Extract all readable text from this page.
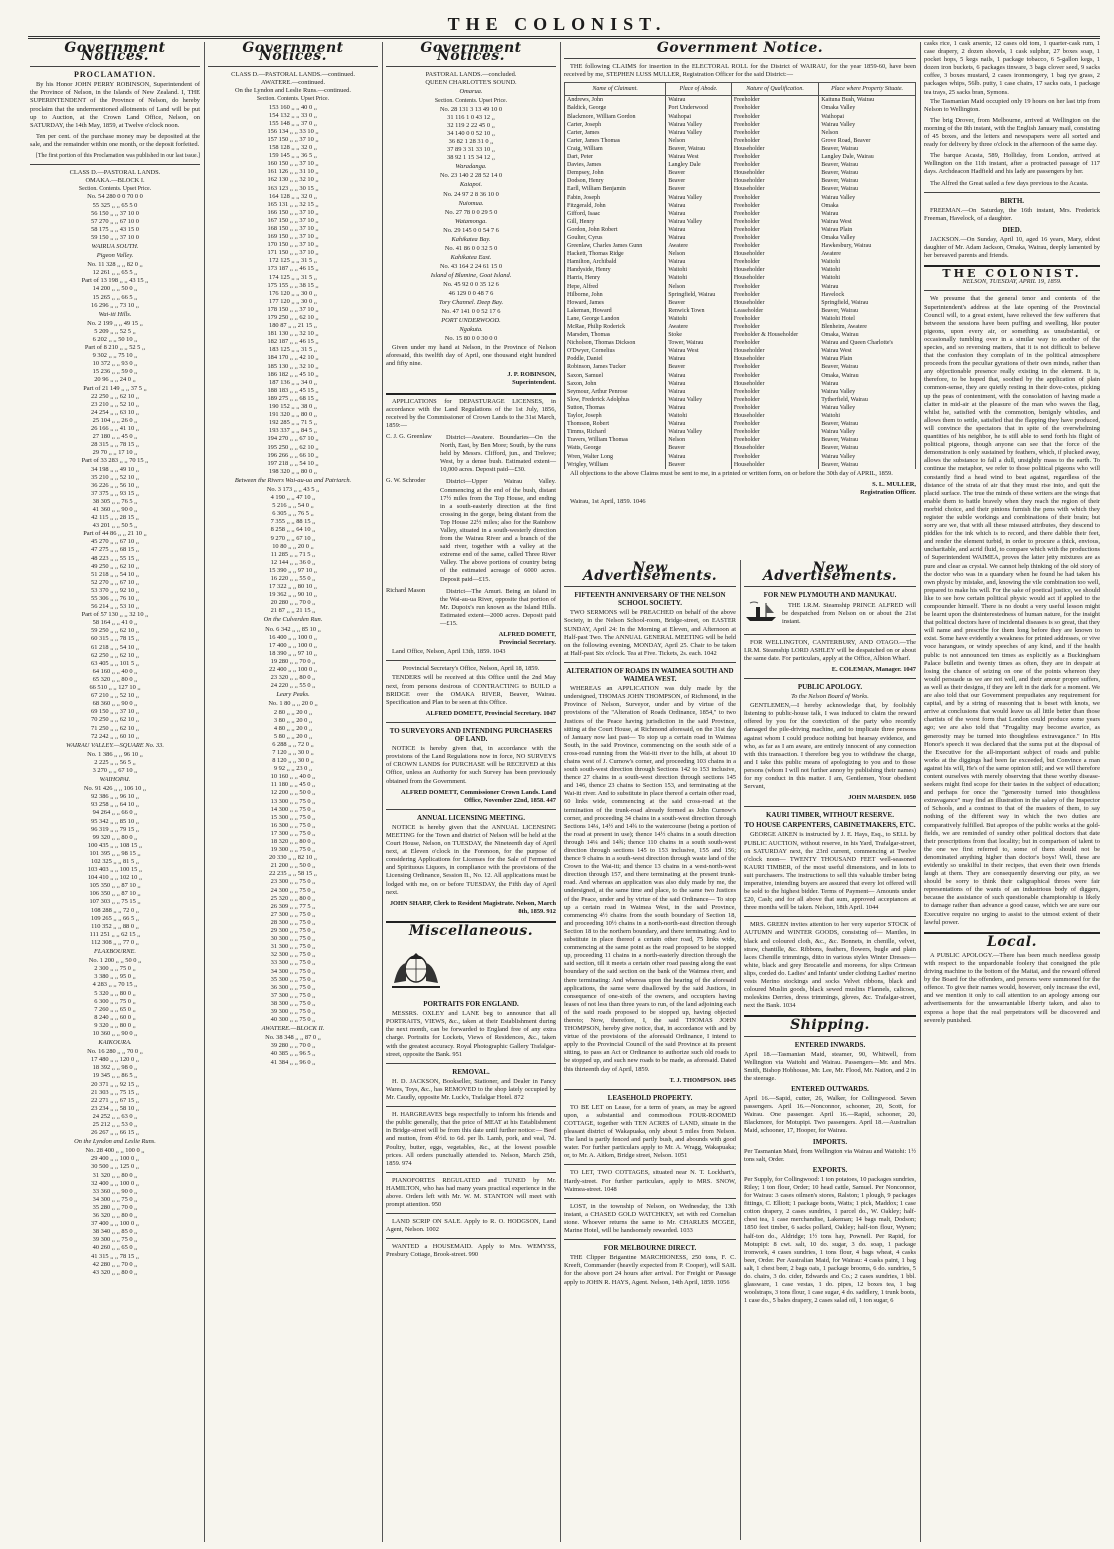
THE COLONIST.
Government Notices.
PROCLAMATION.
By his Honor JOHN PERRY ROBINSON, Superintendent of the Province of Nelson, in the Islands of New Zealand. I, THE SUPERINTENDENT of the Province of Nelson, do hereby proclaim that the undermentioned allotments of Land will be put up to Auction, at the Crown Land Office, Nelson, on SATURDAY, the 14th May, 1859, at Twelve o'clock noon.
Ten per cent. of the purchase money may be deposited at the sale, and the remainder within one month, or the deposit forfeited.
[The first portion of this Proclamation was published in our last issue.]
CLASS D.—PASTORAL LANDS.
OMAKA.—BLOCK I.
Section. Contents. Upset Price.
No. 54 280 0 0 70 0 0
55 325 ,, ,, 65 5 0
56 150 ,, ,, 37 10 0
57 270 ,, ,, 67 10 0
58 175 ,, ,, 43 15 0
59 150 ,, ,, 37 10 0
WAIRUA SOUTH.
Pigeon Valley.
No. 11 328 ,, ,, 82 0 ,,
12 261 ,, ,, 65 5 ,,
Part of 13 198 ,, ,, 43 15 ,,
14 200 ,, ,, 50 0 ,,
15 265 ,, ,, 66 5 ,,
16 296 ,, ,, 73 10 ,,
Wai-iti Hills.
No. 2 199 ,, ,, 49 15 ,,
5 209 ,, ,, 52 5 ,,
6 202 ,, ,, 50 10 ,,
Part of 8 210 ,, ,, 52 5 ,,
9 302 ,, ,, 75 10 ,,
10 372 ,, ,, 93 0 ,,
15 236 ,, ,, 59 0 ,,
20 96 ,, ,, 24 0 ,,
Part of 21 149 ,, ,, 37 5 ,,
22 250 ,, ,, 62 10 ,,
23 210 ,, ,, 52 10 ,,
24 254 ,, ,, 63 10 ,,
25 104 ,, ,, 26 0 ,,
26 166 ,, ,, 41 10 ,,
27 180 ,, ,, 45 0 ,,
28 315 ,, ,, 78 15 ,,
29 70 ,, ,, 17 10 ,,
Part of 33 283 ,, ,, 70 15 ,,
34 198 ,, ,, 49 10 ,,
35 210 ,, ,, 52 10 ,,
36 226 ,, ,, 56 10 ,,
37 375 ,, ,, 93 15 ,,
38 305 ,, ,, 76 5 ,,
41 360 ,, ,, 90 0 ,,
42 115 ,, ,, 28 15 ,,
43 201 ,, ,, 50 5 ,,
Part of 44 86 ,, ,, 21 10 ,,
45 270 ,, ,, 67 10 ,,
47 275 ,, ,, 68 15 ,,
48 223 ,, ,, 55 15 ,,
49 250 ,, ,, 62 10 ,,
51 218 ,, ,, 54 10 ,,
52 270 ,, ,, 67 10 ,,
53 370 ,, ,, 92 10 ,,
55 306 ,, ,, 76 10 ,,
56 214 ,, ,, 53 10 ,,
Part of 57 130 ,, ,, 32 10 ,,
58 164 ,, ,, 41 0 ,,
59 250 ,, ,, 62 10 ,,
60 315 ,, ,, 78 15 ,,
61 218 ,, ,, 54 10 ,,
62 250 ,, ,, 62 10 ,,
63 405 ,, ,, 101 5 ,,
64 160 ,, ,, 40 0 ,,
65 320 ,, ,, 80 0 ,,
66 510 ,, ,, 127 10 ,,
67 210 ,, ,, 52 10 ,,
68 360 ,, ,, 90 0 ,,
69 150 ,, ,, 37 10 ,,
70 250 ,, ,, 62 10 ,,
71 250 ,, ,, 62 10 ,,
72 242 ,, ,, 60 10 ,,
WAIRAU VALLEY.—SQUARE No. 33.
No. 1 386 ,, ,, 96 10 ,,
2 225 ,, ,, 56 5 ,,
3 270 ,, ,, 67 10 ,,
WAIHOPAI.
No. 91 426 ,, ,, 106 10 ,,
92 386 ,, ,, 96 10 ,,
93 258 ,, ,, 64 10 ,,
94 264 ,, ,, 66 0 ,,
95 342 ,, ,, 85 10 ,,
96 319 ,, ,, 79 15 ,,
99 320 ,, ,, 80 0 ,,
100 435 ,, ,, 108 15 ,,
101 395 ,, ,, 98 15 ,,
102 325 ,, ,, 81 5 ,,
103 403 ,, ,, 100 15 ,,
104 410 ,, ,, 102 10 ,,
105 350 ,, ,, 87 10 ,,
106 350 ,, ,, 87 10 ,,
107 303 ,, ,, 75 15 ,,
108 288 ,, ,, 72 0 ,,
109 265 ,, ,, 66 5 ,,
110 352 ,, ,, 88 0 ,,
111 251 ,, ,, 62 15 ,,
112 308 ,, ,, 77 0 ,,
FLAXBOURNE.
No. 1 200 ,, ,, 50 0 ,,
2 300 ,, ,, 75 0 ,,
3 380 ,, ,, 95 0 ,,
4 283 ,, ,, 70 15 ,,
5 320 ,, ,, 80 0 ,,
6 300 ,, ,, 75 0 ,,
7 260 ,, ,, 65 0 ,,
8 240 ,, ,, 60 0 ,,
9 320 ,, ,, 80 0 ,,
10 360 ,, ,, 90 0 ,,
KAIKOURA.
No. 16 280 ,, ,, 70 0 ,,
17 480 ,, ,, 120 0 ,,
18 392 ,, ,, 98 0 ,,
19 345 ,, ,, 86 5 ,,
20 371 ,, ,, 92 15 ,,
21 303 ,, ,, 75 15 ,,
22 271 ,, ,, 67 15 ,,
23 234 ,, ,, 58 10 ,,
24 252 ,, ,, 63 0 ,,
25 212 ,, ,, 53 0 ,,
26 267 ,, ,, 66 15 ,,
On the Lyndon and Leslie Runs.
No. 28 400 ,, ,, 100 0 ,,
29 400 ,, ,, 100 0 ,,
30 500 ,, ,, 125 0 ,,
31 320 ,, ,, 80 0 ,,
32 400 ,, ,, 100 0 ,,
33 360 ,, ,, 90 0 ,,
34 300 ,, ,, 75 0 ,,
35 280 ,, ,, 70 0 ,,
36 320 ,, ,, 80 0 ,,
37 400 ,, ,, 100 0 ,,
38 340 ,, ,, 85 0 ,,
39 300 ,, ,, 75 0 ,,
40 260 ,, ,, 65 0 ,,
41 315 ,, ,, 78 15 ,,
42 280 ,, ,, 70 0 ,,
43 320 ,, ,, 80 0 ,,
Government Notices.
CLASS D.—PASTORAL LANDS.—continued.
AWATERE.—continued.
On the Lyndon and Leslie Runs.—continued.
Section. Contents. Upset Price.
153 160 ,, ,, 40 0 ,,
154 132 ,, ,, 33 0 ,,
155 148 ,, ,, 37 0 ,,
156 134 ,, ,, 33 10 ,,
157 150 ,, ,, 37 10 ,,
158 128 ,, ,, 32 0 ,,
159 145 ,, ,, 36 5 ,,
160 150 ,, ,, 37 10 ,,
161 126 ,, ,, 31 10 ,,
162 130 ,, ,, 32 10 ,,
163 123 ,, ,, 30 15 ,,
164 128 ,, ,, 32 0 ,,
165 131 ,, ,, 32 15 ,,
166 150 ,, ,, 37 10 ,,
167 150 ,, ,, 37 10 ,,
168 150 ,, ,, 37 10 ,,
169 150 ,, ,, 37 10 ,,
170 150 ,, ,, 37 10 ,,
171 150 ,, ,, 37 10 ,,
172 125 ,, ,, 31 5 ,,
173 187 ,, ,, 46 15 ,,
174 125 ,, ,, 31 5 ,,
175 155 ,, ,, 38 15 ,,
176 120 ,, ,, 30 0 ,,
177 120 ,, ,, 30 0 ,,
178 150 ,, ,, 37 10 ,,
179 250 ,, ,, 62 10 ,,
180 87 ,, ,, 21 15 ,,
181 130 ,, ,, 32 10 ,,
182 187 ,, ,, 46 15 ,,
183 125 ,, ,, 31 5 ,,
184 170 ,, ,, 42 10 ,,
185 130 ,, ,, 32 10 ,,
186 182 ,, ,, 45 10 ,,
187 136 ,, ,, 34 0 ,,
188 183 ,, ,, 45 15 ,,
189 275 ,, ,, 68 15 ,,
190 152 ,, ,, 38 0 ,,
191 320 ,, ,, 80 0 ,,
192 285 ,, ,, 71 5 ,,
193 337 ,, ,, 84 5 ,,
194 270 ,, ,, 67 10 ,,
195 250 ,, ,, 62 10 ,,
196 266 ,, ,, 66 10 ,,
197 218 ,, ,, 54 10 ,,
198 320 ,, ,, 80 0 ,,
Between the Rivers Wai-au-ua and Patriarch.
No. 3 173 ,, ,, 43 5 ,,
4 190 ,, ,, 47 10 ,,
5 216 ,, ,, 54 0 ,,
6 305 ,, ,, 76 5 ,,
7 355 ,, ,, 88 15 ,,
8 258 ,, ,, 64 10 ,,
9 270 ,, ,, 67 10 ,,
10 80 ,, ,, 20 0 ,,
11 285 ,, ,, 71 5 ,,
12 144 ,, ,, 36 0 ,,
15 390 ,, ,, 97 10 ,,
16 220 ,, ,, 55 0 ,,
17 322 ,, ,, 80 10 ,,
19 362 ,, ,, 90 10 ,,
20 280 ,, ,, 70 0 ,,
21 87 ,, ,, 21 15 ,,
On the Culverden Run.
No. 6 342 ,, ,, 85 10 ,,
16 400 ,, ,, 100 0 ,,
17 400 ,, ,, 100 0 ,,
18 390 ,, ,, 97 10 ,,
19 280 ,, ,, 70 0 ,,
22 400 ,, ,, 100 0 ,,
23 320 ,, ,, 80 0 ,,
24 220 ,, ,, 55 0 ,,
Leary Peaks.
No. 1 80 ,, ,, 20 0 ,,
2 80 ,, ,, 20 0 ,,
3 80 ,, ,, 20 0 ,,
4 80 ,, ,, 20 0 ,,
5 80 ,, ,, 20 0 ,,
6 288 ,, ,, 72 0 ,,
7 120 ,, ,, 30 0 ,,
8 120 ,, ,, 30 0 ,,
9 92 ,, ,, 23 0 ,,
10 160 ,, ,, 40 0 ,,
11 180 ,, ,, 45 0 ,,
12 200 ,, ,, 50 0 ,,
13 300 ,, ,, 75 0 ,,
14 300 ,, ,, 75 0 ,,
15 300 ,, ,, 75 0 ,,
16 300 ,, ,, 75 0 ,,
17 300 ,, ,, 75 0 ,,
18 320 ,, ,, 80 0 ,,
19 300 ,, ,, 75 0 ,,
20 330 ,, ,, 82 10 ,,
21 200 ,, ,, 50 0 ,,
22 235 ,, ,, 58 15 ,,
23 300 ,, ,, 75 0 ,,
24 300 ,, ,, 75 0 ,,
25 320 ,, ,, 80 0 ,,
26 309 ,, ,, 77 5 ,,
27 300 ,, ,, 75 0 ,,
28 300 ,, ,, 75 0 ,,
29 300 ,, ,, 75 0 ,,
30 300 ,, ,, 75 0 ,,
31 300 ,, ,, 75 0 ,,
32 300 ,, ,, 75 0 ,,
33 300 ,, ,, 75 0 ,,
34 300 ,, ,, 75 0 ,,
35 300 ,, ,, 75 0 ,,
36 300 ,, ,, 75 0 ,,
37 300 ,, ,, 75 0 ,,
38 300 ,, ,, 75 0 ,,
39 300 ,, ,, 75 0 ,,
40 300 ,, ,, 75 0 ,,
AWATERE.—BLOCK II.
No. 38 348 ,, ,, 87 0 ,,
39 280 ,, ,, 70 0 ,,
40 385 ,, ,, 96 5 ,,
41 384 ,, ,, 96 0 ,,
Government Notices.
PASTORAL LANDS.—concluded.
QUEEN CHARLOTTE'S SOUND.
Omarua.
Section. Contents. Upset Price.
No. 28 131 3 13 49 10 0
31 116 1 0 43 12 ,,
32 119 2 22 45 0 ,,
34 140 0 0 52 10 ,,
36 82 1 28 31 0 ,,
37 89 3 31 33 10 ,,
38 92 1 15 34 12 ,,
Waradanga.
No. 23 140 2 28 52 14 0
Kaiapoi.
No. 24 97 2 8 36 10 0
Nuiomua.
No. 27 78 0 0 29 5 0
Watamonga.
No. 29 145 0 0 54 7 6
Kahikatea Bay.
No. 41 86 0 0 32 5 0
Kahikatea East.
No. 43 164 2 24 61 15 0
Island of Blumine, Goat Island.
No. 45 92 0 0 35 12 6
46 129 0 0 48 7 6
Tory Channel. Deep Bay.
No. 47 141 0 0 52 17 6
PORT UNDERWOOD.
Ngakuta.
No. 15 80 0 0 30 0 0
Given under my hand at Nelson, in the Province of Nelson aforesaid, this twelfth day of April, one thousand eight hundred and fifty nine.
J. P. ROBINSON,
Superintendent.
APPLICATIONS for DEPASTURAGE LICENSES, in accordance with the Land Regulations of the 1st July, 1856, received by the Commissioner of Crown Lands to the 31st March, 1859:—
C. J. G. Greenlaw	District—Awatere. Boundaries—On the North, East, by Ben More; South, by the runs held by Messrs. Clifford, jun., and Trelove; West, by a dense bush. Estimated extent—10,000 acres. Deposit paid—£30.
G. W. Schroder	District—Upper Wairau Valley. Commencing at the end of the bush, distant 17½ miles from the Top House, and ending in a south-easterly direction at the first crossing in the gorge, being distant from the Top House 22½ miles; also for the Rainbow Valley, situated in a south-westerly direction from the Wairau River and a branch of the said river, together with a valley at the extreme end of the same, called Three River Valley. The above portions of country being of the estimated acreage of 6000 acres. Deposit paid—£15.
Richard Mason	District—The Amuri. Being an island in the Wai-au-ua River, opposite that portion of Mr. Dupoix's run known as the Island Hills. Estimated extent—2000 acres. Deposit paid—£15.
ALFRED DOMETT,
Provincial Secretary.
Land Office, Nelson, April 13th, 1859. 1043
Provincial Secretary's Office, Nelson, April 18, 1859.
TENDERS will be received at this Office until the 2nd May next, from persons desirous of CONTRACTING to BUILD a BRIDGE over the OMAKA RIVER, Beaver, Wairau. Specification and Plan to be seen at this Office.
ALFRED DOMETT, Provincial Secretary. 1047
TO SURVEYORS AND INTENDING PURCHASERS OF LAND.
NOTICE is hereby given that, in accordance with the provisions of the Land Regulations now in force, NO SURVEYS of CROWN LANDS for PURCHASE will be RECEIVED at this Office, unless an Authority for such Survey has been previously obtained from the Government.
ALFRED DOMETT, Commissioner Crown Lands. Land Office, November 22nd, 1858. 447
ANNUAL LICENSING MEETING.
NOTICE is hereby given that the ANNUAL LICENSING MEETING for the Town and district of Nelson will be held at the Court House, Nelson, on TUESDAY, the Nineteenth day of April next, at Eleven o'clock in the Forenoon, for the purpose of considering Applications for Licenses for the Sale of Fermented and Spirituous Liquors, in compliance with the provisions of the Licensing Ordinance, Session II., No. 12. All applications must be lodged with me, on or before TUESDAY, the Fifth day of April next.
JOHN SHARP, Clerk to Resident Magistrate. Nelson, March 8th, 1859. 912
Miscellaneous.
PORTRAITS FOR ENGLAND.
MESSRS. OXLEY and LANE beg to announce that all PORTRAITS, VIEWS, &c., taken at their Establishment during the next month, can be forwarded to England free of any extra charge. Portraits for Lockets, Views of Residences, &c., taken with the greatest accuracy. Royal Photographic Gallery Trafalgar-street, opposite the Bank. 951
REMOVAL.
H. D. JACKSON, Bookseller, Stationer, and Dealer in Fancy Wares, Toys, &c., has REMOVED to the shop lately occupied by Mr. Caudly, opposite Mr. Luck's, Trafalgar Hotel. 872
H. HARGREAVES begs respectfully to inform his friends and the public generally, that the price of MEAT at his Establishment in Bridge-street will be from this date until further notice:— Beef and mutton, from 4½d. to 6d. per lb. Lamb, pork, and veal, 7d. Poultry, butter, eggs, vegetables, &c., at the lowest possible prices. All orders punctually attended to. Nelson, March 25th, 1859. 974
PIANOFORTES REGULATED and TUNED by Mr. HAMILTON, who has had many years practical experience in the above. Orders left with Mr. W. M. STANTON will meet with prompt attention. 950
LAND SCRIP ON SALE. Apply to R. O. HODGSON, Land Agent, Nelson. 1002
WANTED a HOUSEMAID. Apply to Mrs. WEMYSS, Presbury Cottage, Brook-street. 990
Government Notice.
THE following CLAIMS for insertion in the ELECTORAL ROLL for the District of WAIRAU, for the year 1859-60, have been received by me, STEPHEN LUSS MULLER, Registration Officer for the said District:—
Name of Claimant.	Place of Abode.	Nature of Qualification.	Place where Property Situate.
Andrews, John	Wairau	Freeholder	Kaituna Bush, Wairau
Baldick, George	Port Underwood	Freeholder	Omaka Valley
Blackmore, William Gordon	Waihopai	Freeholder	Waihopai
Carter, Joseph	Wairau Valley	Freeholder	Wairau Valley
Carter, James	Wairau Valley	Freeholder	Nelson
Carter, James Thomas	Nelson	Freeholder	Grove Road, Beaver
Craig, William	Beaver, Wairau	Householder	Beaver, Wairau
Dart, Peter	Wairau West	Freeholder	Langley Dale, Wairau
Davies, James	Langley Dale	Freeholder	Beaver, Wairau
Dempsey, John	Beaver	Householder	Beaver, Wairau
Dodson, Henry	Beaver	Householder	Beaver, Wairau
Earll, William Benjamin	Beaver	Householder	Beaver, Wairau
Fabin, Joseph	Wairau Valley	Freeholder	Wairau Valley
Fitzgerald, John	Wairau	Freeholder	Omaka
Gifford, Isaac	Wairau	Freeholder	Wairau
Gill, Henry	Wairau Valley	Freeholder	Wairau West
Gordon, John Robert	Wairau	Freeholder	Wairau Plain
Goulter, Cyrus	Wairau	Freeholder	Omaka Valley
Greenlaw, Charles James Gunn	Awatere	Freeholder	Hawkesbury, Wairau
Hackett, Thomas Ridge	Nelson	Householder	Awatere
Hamilton, Archibald	Wairau	Freeholder	Waitohi
Handyside, Henry	Waitohi	Householder	Waitohi
Harris, Henry	Waitohi	Householder	Waitohi
Hepe, Alfred	Nelson	Freeholder	Wairau
Hilborne, John	Springfield, Wairau	Freeholder	Havelock
Howard, James	Beaver	Householder	Springfield, Wairau
Lakeman, Howard	Renwick Town	Leaseholder	Beaver, Wairau
Lane, George Landon	Waitohi	Freeholder	Waitohi Hotel
McRae, Philip Roderick	Awatere	Freeholder	Blenheim, Awatere
Marsden, Thomas	Stoke	Freeholder & Householder	Omaka, Wairau
Nicholson, Thomas Dickson	Tower, Wairau	Freeholder	Wairau and Queen Charlotte's
O'Dwyer, Cornelius	Wairau West	Householder	Wairau West
Poddle, Daniel	Wairau	Householder	Wairau Plain
Robinson, James Tucker	Beaver	Freeholder	Beaver, Wairau
Saxon, Samuel	Wairau	Freeholder	Omaka, Wairau
Saxon, John	Wairau	Householder	Wairau
Seymour, Arthur Penrose	Wairau	Freeholder	Wairau Valley
Slow, Frederick Adolphus	Wairau Valley	Freeholder	Tytherfield, Wairau
Sutton, Thomas	Wairau	Freeholder	Wairau Valley
Taylor, Joseph	Waitohi	Householder	Waitohi
Thomson, Robert	Wairau	Freeholder	Beaver, Wairau
Timms, Richard	Wairau Valley	Freeholder	Wairau Valley
Travers, William Thomas	Nelson	Freeholder	Beaver, Wairau
Watts, George	Beaver	Householder	Beaver, Wairau
Wren, Walter Long	Wairau	Freeholder	Wairau Valley
Wrigley, William	Beaver	Householder	Beaver, Wairau
All objections to the above Claims must be sent to me, in a printed or written form, on or before the 30th day of APRIL, 1859.
S. L. MULLER,
Registration Officer.
Wairau, 1st April, 1859. 1046
New Advertisements.
FIFTEENTH ANNIVERSARY OF THE NELSON SCHOOL SOCIETY.
TWO SERMONS will be PREACHED on behalf of the above Society, in the Nelson School-room, Bridge-street, on EASTER SUNDAY, April 24: In the Morning at Eleven, and Afternoon at Half-past Two. The ANNUAL GENERAL MEETING will be held on the following evening, MONDAY, April 25. Chair to be taken at Half-past Six o'clock. Tea at Five. Tickets, 2s. each. 1042
ALTERATION OF ROADS IN WAIMEA SOUTH AND WAIMEA WEST.
WHEREAS an APPLICATION was duly made by the undersigned, THOMAS JOHN THOMPSON, of Richmond, in the Province of Nelson, Surveyor, under and by virtue of the provisions of the "Alteration of Roads Ordinance, 1854," to two Justices of the Peace having jurisdiction in the said Province, sitting at the Court House, at Richmond aforesaid, on the 31st day of January now last past— To stop up a certain road in Waimea South, in the said Province, commencing on the south side of a cross-road running from the Wai-iti river to the hills, at about 10 chains west of J. Curnow's corner, and proceeding 103 chains in a south south-west direction through Sections 142 to 153 inclusive, thence 27 chains in a south-west direction through sections 145 and 146, thence 23 chains to Section 153, and terminating at the Wai-iti river. And to substitute in place thereof a certain other road, 60 links wide, commencing at the said cross-road at the termination of the trunk-road already formed as John Curnow's corner, and proceeding 34 chains in a south-west direction through Sections 14¼, 14½ and 14¾ to the watercourse (being a portion of the road at present in use); thence 14½ chains in a south direction through 14¼ and 14¾; thence 110 chains in a south south-west direction through sections 145 to 153 inclusive, 155 and 156; thence 9 chains in a south-west direction through waste land of the Crown to the Wai-iti; and thence 13 chains in a west-north-west direction through 157, and there terminating at the present trunk-road. And whereas an application was also duly made by me, the undersigned, at the same time and place, to the same two Justices of the Peace, under and by virtue of the said Ordinance— To stop up a certain road in Waimea West, in the said Province, commencing 4½ chains from the south boundary of Section 18, and proceeding 10½ chains in a north-north-east direction through Section 18 to the northern boundary, and there terminating; And to substitute in place thereof a certain other road, 75 links wide, commencing at the same point as the road proposed to be stopped up, proceeding 11 chains in a north-easterly direction through the said section, till it meets a certain other road passing along the east boundary of the said section on the bank of the Waimea river, and there terminating: And whereas upon the hearing of the aforesaid applications, the same were disallowed by the said Justices, in consequence of one-sixth of the owners, and occupiers having leases of not less than three years to run, of the land adjoining each of the said roads proposed to be stopped up, having objected thereto; Now, therefore, I, the said THOMAS JOHN THOMPSON, hereby give notice, that, in accordance with and by virtue of the provisions of the aforesaid Ordinance, I intend to apply to the Provincial Council of the said Province at its present sitting, to pass an Act or Ordinance to authorize such old roads to be stopped up, and such new roads to be made, as aforesaid. Dated this thirteenth day of April, 1859.
T. J. THOMPSON. 1045
LEASEHOLD PROPERTY.
TO BE LET on Lease, for a term of years, as may be agreed upon, a substantial and commodious FOUR-ROOMED COTTAGE, together with TEN ACRES of LAND, situate in the pleasant district of Wakapuaka, only about 5 miles from Nelson. The land is partly fenced and partly bush, and abounds with good water. For further particulars apply to Mr. A. Wragg, Wakapuaka; or, to Mr. A. Aitken, Bridge street, Nelson. 1051
TO LET, TWO COTTAGES, situated near N. T. Lockhart's, Hardy-street. For further particulars, apply to MRS. SNOW, Waimea-street. 1048
LOST, in the township of Nelson, on Wednesday, the 13th instant, a CHASED GOLD WATCHKEY, set with red Cornelian stone. Whoever returns the same to Mr. CHARLES MCGEE, Marine Hotel, will be handsomely rewarded. 1033
FOR MELBOURNE DIRECT.
THE Clipper Brigantine MARCHIONESS, 250 tons, F. C. Kreeft, Commander (heavily expected from P. Cooper), will SAIL for the above port 24 hours after arrival. For Freight or Passage apply to JOHN R. HAYS, Agent. Nelson, 14th April, 1859. 1056
New Advertisements.
FOR NEW PLYMOUTH AND MANUKAU.
THE I.R.M. Steamship PRINCE ALFRED will be despatched from Nelson on or about the 21st instant.
FOR WELLINGTON, CANTERBURY, AND OTAGO.—The I.R.M. Steamship LORD ASHLEY will be despatched on or about the same date. For particulars, apply at the Office, Albion Wharf.
E. COLEMAN, Manager. 1047
PUBLIC APOLOGY.
To the Nelson Board of Works.
GENTLEMEN,—I hereby acknowledge that, by foolishly listening to public-house talk, I was induced to claim the reward offered by you for the conviction of the party who recently damaged the pile-driving machine, and to implicate three persons against whom I could produce nothing but hearsay evidence, and who, as far as I am aware, are entirely innocent of any connection with this transaction. I therefore beg you to withdraw the charge, and I take this public means of apologizing to you and to those persons (whom I will not further annoy by publishing their names) for my conduct in this matter. I am, Gentlemen, Your obedient Servant,
JOHN MARSDEN. 1050
KAURI TIMBER, WITHOUT RESERVE.
TO HOUSE CARPENTERS, CABINETMAKERS, ETC.
GEORGE AIKEN is instructed by J. E. Hays, Esq., to SELL by PUBLIC AUCTION, without reserve, in his Yard, Trafalgar-street, on SATURDAY next, the 23rd current, commencing at Twelve o'clock noon— TWENTY THOUSAND FEET well-seasoned KAURI TIMBER, of the most useful dimensions, and in lots to suit purchasers. The instructions to sell this valuable timber being imperative, intending buyers are assured that every lot offered will be sold to the highest bidder. Terms of Payment— Amounts under £20, Cash; and for all above that sum, approved acceptances at three months will be taken. Nelson, 18th April. 1044
MRS. GREEN invites attention to her very superior STOCK of AUTUMN and WINTER GOODS, consisting of— Mantles, in black and coloured cloth, &c., &c. Bonnets, in chenille, velvet, straw, chantille, &c. Ribbons, feathers, flowers, bugle and plain laces Chenille trimmings, ditto in various styles Winter Dresses—white, black and grey Brocatelle and moreens, for slips Crimean slips, corded do. Ladies' and Infants' under clothing Ladies' merino vests Merino stockings and socks Velvet ribbons, black and coloured Muslin goods, black sewed muslins Flannels, calicoes, moleskins Derries, dress trimmings, gloves, &c. Trafalgar-street, next the Bank. 1034
Shipping.
ENTERED INWARDS.
April 18.—Tasmanian Maid, steamer, 90, Whitwell, from Wellington via Waitohi and Wairau. Passengers—Mr. and Mrs. Smith, Bishop Hobhouse, Mr. Lee, Mr. Flood, Mr. Nation, and 2 in the steerage.
ENTERED OUTWARDS.
April 16.—Sapid, cutter, 26, Walker, for Collingwood. Seven passengers. April 16.—Nonconnor, schooner, 20, Scott, for Wairau. One passenger. April 16.—Rapid, schooner, 20, Blackmore, for Motupipi. Two passengers. April 18.—Australian Maid, schooner, 17, Hooper, for Wairau.
IMPORTS.
Per Tasmanian Maid, from Wellington via Wairau and Waitohi: 1½ tons salt, Order.
EXPORTS.
Per Supply, for Collingwood: 1 ton potatoes, 10 packages sundries, Riley; 1 ton flour, Order; 10 head cattle, Samuel. Per Nonconnor, for Wairau: 3 cases oilmen's stores, Ralston; 1 plough, 9 packages fittings, C. Elliott; 1 package boots, Watts; 1 pick, Maddox; 1 case cotton drapery, 2 cases sundries, 1 parcel do., W. Oakley; half-chest tea, 1 case merchandise, Lakeman; 14 bags malt, Dodson; 1850 feet timber, 6 sacks pollard, Oakley; half-ton flour, Wynen; half-ton do., Aldridge; 1½ tons hay, Pownell. Per Rapid, for Motupipi: 8 cwt. salt, 10 do. sugar, 3 do. soap, 1 package ironwork, 4 cases sundries, 1 tons flour, 4 bags wheat, 4 casks beer, Order. Per Australian Maid, for Wairau: 4 casks paint, 1 bag salt, 1 chest beer, 2 bags oats, 1 package brooms, 6 do. sundries, 5 do. chairs, 3 do. cider, Edwards and Co.; 2 cases sundries, 1 bbl. glassware, 1 case vestas, 1 do. pipes, 12 boxes tea, 1 bag woolstraps, 3 tons flour, 1 case sugar, 4 do. saddlery, 1 trunk boots, 1 case do., 5 bales drapery, 2 cases salad oil, 1 ton sugar, 6
casks rice, 1 cask arsenic, 12 cases old tom, 1 quarter-cask rum, 1 case drapery, 2 dozen shovels, 1 cask sulphur, 27 boxes soap, 1 pocket hops, 5 kegs nails, 1 package tobacco, 6 5-gallon kegs, 1 dozen iron buckets, 6 packages tinware, 3 bags clover seed, 9 sacks coffee, 3 boxes mustard, 2 cases ironmongery, 1 bag rye grass, 2 packages whips, 56lb. putty, 1 case chairs, 17 sacks oats, 1 package tea trays, 25 sacks bran, Symons.
The Tasmanian Maid occupied only 19 hours on her last trip from Nelson to Wellington.
The brig Drover, from Melbourne, arrived at Wellington on the morning of the 8th instant, with the English January mail, consisting of 45 boxes, and the letters and newspapers were all sorted and ready for delivery by three o'clock in the afternoon of the same day.
The barque Acasta, 589, Holliday, from London, arrived at Wellington on the 11th instant, after a protracted passage of 117 days. Archdeacon Hadfield and his lady are passengers by her.
The Alfred the Great sailed a few days previous to the Acasta.
BIRTH.
FREEMAN.—On Saturday, the 16th instant, Mrs. Frederick Freeman, Havelock, of a daughter.
DIED.
JACKSON.—On Sunday, April 10, aged 16 years, Mary, eldest daughter of Mr. Adam Jackson, Omaka, Wairau, deeply lamented by her bereaved parents and friends.
THE COLONIST.
NELSON, TUESDAY, APRIL 19, 1859.
We presume that the general tenor and contents of the Superintendent's address at the late opening of the Provincial Council will, to a great extent, have relieved the few sufferers that between the sessions have been puffing and swelling, like pouter pigeons, upon every air, or something as unsubstantial, or occasionally tumbling over in a similar way to another of the species, and so reversing matters, that it is not difficult to believe that the confusion they complain of in the political atmosphere proceeds from the peculiar gyrations of their own minds, rather than any objectionable presence really existing in the element. It is, therefore, to be hoped that, soothed by the application of plain common-sense, they are quietly resting in their dove-cotes, picking up the peas of contentment, with the consolation of having made a clatter in mid-air at the pleasure of the man who waves the flag, whilst he, satisfied with the commotion, benignly whistles, and allows them to settle, satisfied that the flapping they have produced, will convince the spectators that in spite of the overwhelming quantities of his neighbor, he is still able to send forth his flight of political pigeons, though anyone can see that the force of the demonstration is only sustained by feathers, which, if plucked away, allows the substance to fall a dull, unsightly mass to the earth. To continue the metaphor, we refer to those political pigeons who will constantly find a head wind to beat against, regardless of the distance of the strata of air that they must rise into, and quit the placid surface. The true the minds of these writers are the wings that enable them to battle bravely when they reach the region of their morbid choice, and their pinions furnish the pens with which they register the subtle workings and combinations of their brain; but sorry are we, that with all these misused attributes, they descend to piddles for the ink which is to record, and there dabble their feet, and render the element turbid, in order to procure a thick, envious, uncharitable, and acrid fluid, to compare which with the productions of Superintendent WAIMEA, proves the latter jetty mixtures are as pure and clear as crystal. We cannot help thinking of the old story of the doctor who was in a quandary when he found he had taken his own physic by mistake, and, knowing the vile combination too well, prepared to make his will. For the sake of poetical justice, we should like to see how certain political physic would act if applied to the compounder himself. There is no doubt a very useful lesson might be learnt upon the disinterestedness of human nature, for the insight that political doctors have of incidental diseases is so great, that they will name and prescribe for them long before they are known to exist. Some have evidently a weakness for printed addresses, or vive voce harangues, or windy speeches of any kind, and if the health public is not announced ten times as explicitly as a Buckingham Palace bulletin and twenty times as often, they are in despair at losing the chance of seizing on one of the points whereon they would persuade us we are not well, and their amour propre suffers, as well as their designs, if they are left in the dark for a moment. We are also told that our Government prepudiates any requirement for capital, and by a string of reasoning that is beset with knots, we arrive at conclusions that would leave us all little better than those chartists of the worst form that London could produce some years ago; we are also told that "Frugality may become avarice, as generosity may be turned into thoughtless extravagance." In His Honor's speech it was declared that the sums put at the disposal of the Executive for the all-important subject of roads and public works at the diggings had been far exceeded, but Convince a man against his will, He's of the same opinion still; and we will therefore content ourselves with merely observing that these worthy disease-seekers might find scope for their tastes in the subject of education; and perhaps for once the "generosity turned into thoughtless extravagance" may find an illustration in the salary of the Inspector of Schools, and a contrast to that of the masters of them, to say nothing of the different way in which the two duties are comparatively fulfilled. But apropos of the public works at the gold-fields, we are reminded of sundry other political doctors that date their prescriptions from that locality; but in comparison of talent to the one we first referred to, some of them should not be denominated anything higher than doctor's boys! Well, these are evidently so unskilful in their recipes, that even their own friends laugh at them. They are consequently deserving our pity, as we should be sorry to think their caligraphical throes were fair representations of the wants of an industrious body of diggers, because the assistance of such questionable championship is likely to damage rather than advance a good cause, which we are sure our Executive require no urging to assist to the utmost extent of their lawful power.
Local.
A PUBLIC APOLOGY.—There has been much needless gossip with respect to the unpardonable foolery that consigned the pile driving machine to the bottom of the Maitai, and the reward offered by the Board for the offenders, and persons were summoned for the offence. To give their names would, however, only increase the evil, and we mention it only to call attention to an apology among our advertisements for the unwarrantable liberty taken, and also to express a hope that the real perpetrators will be discovered and severely punished.
